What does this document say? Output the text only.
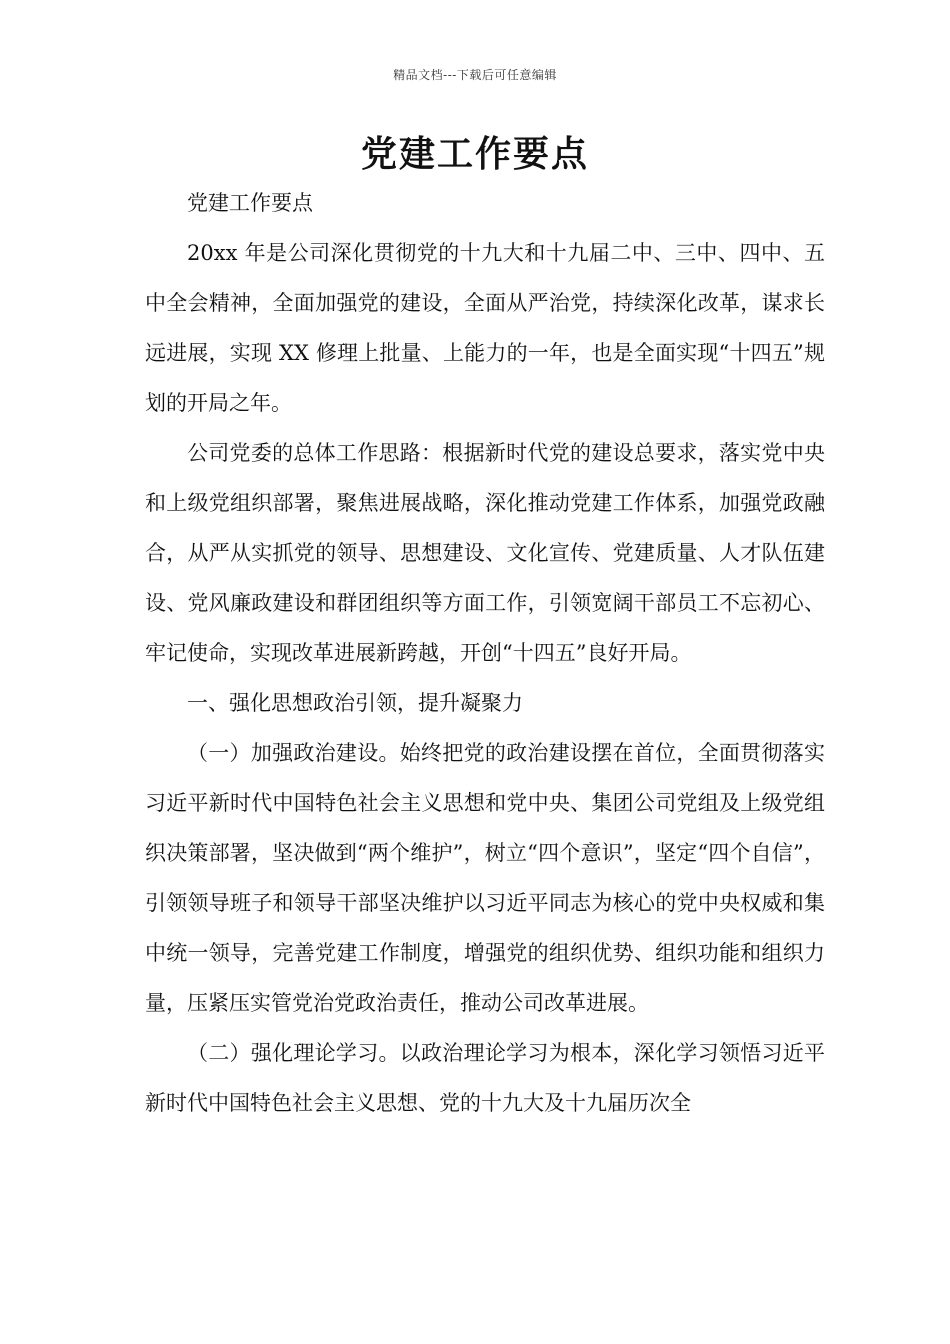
精品文档---下载后可任意编辑
党建工作要点

党建工作要点

20xx 年是公司深化贯彻党的十九大和十九届二中、三中、四中、五中全会精神，全面加强党的建设，全面从严治党，持续深化改革，谋求长远进展，实现 XX 修理上批量、上能力的一年，也是全面实现“十四五”规划的开局之年。

公司党委的总体工作思路：根据新时代党的建设总要求，落实党中央和上级党组织部署，聚焦进展战略，深化推动党建工作体系，加强党政融合，从严从实抓党的领导、思想建设、文化宣传、党建质量、人才队伍建设、党风廉政建设和群团组织等方面工作，引领宽阔干部员工不忘初心、牢记使命，实现改革进展新跨越，开创“十四五”良好开局。

一、强化思想政治引领，提升凝聚力

（一）加强政治建设。始终把党的政治建设摆在首位，全面贯彻落实习近平新时代中国特色社会主义思想和党中央、集团公司党组及上级党组织决策部署，坚决做到“两个维护”，树立“四个意识”，坚定“四个自信”，引领领导班子和领导干部坚决维护以习近平同志为核心的党中央权威和集中统一领导，完善党建工作制度，增强党的组织优势、组织功能和组织力量，压紧压实管党治党政治责任，推动公司改革进展。

（二）强化理论学习。以政治理论学习为根本，深化学习领悟习近平新时代中国特色社会主义思想、党的十九大及十九届历次全
